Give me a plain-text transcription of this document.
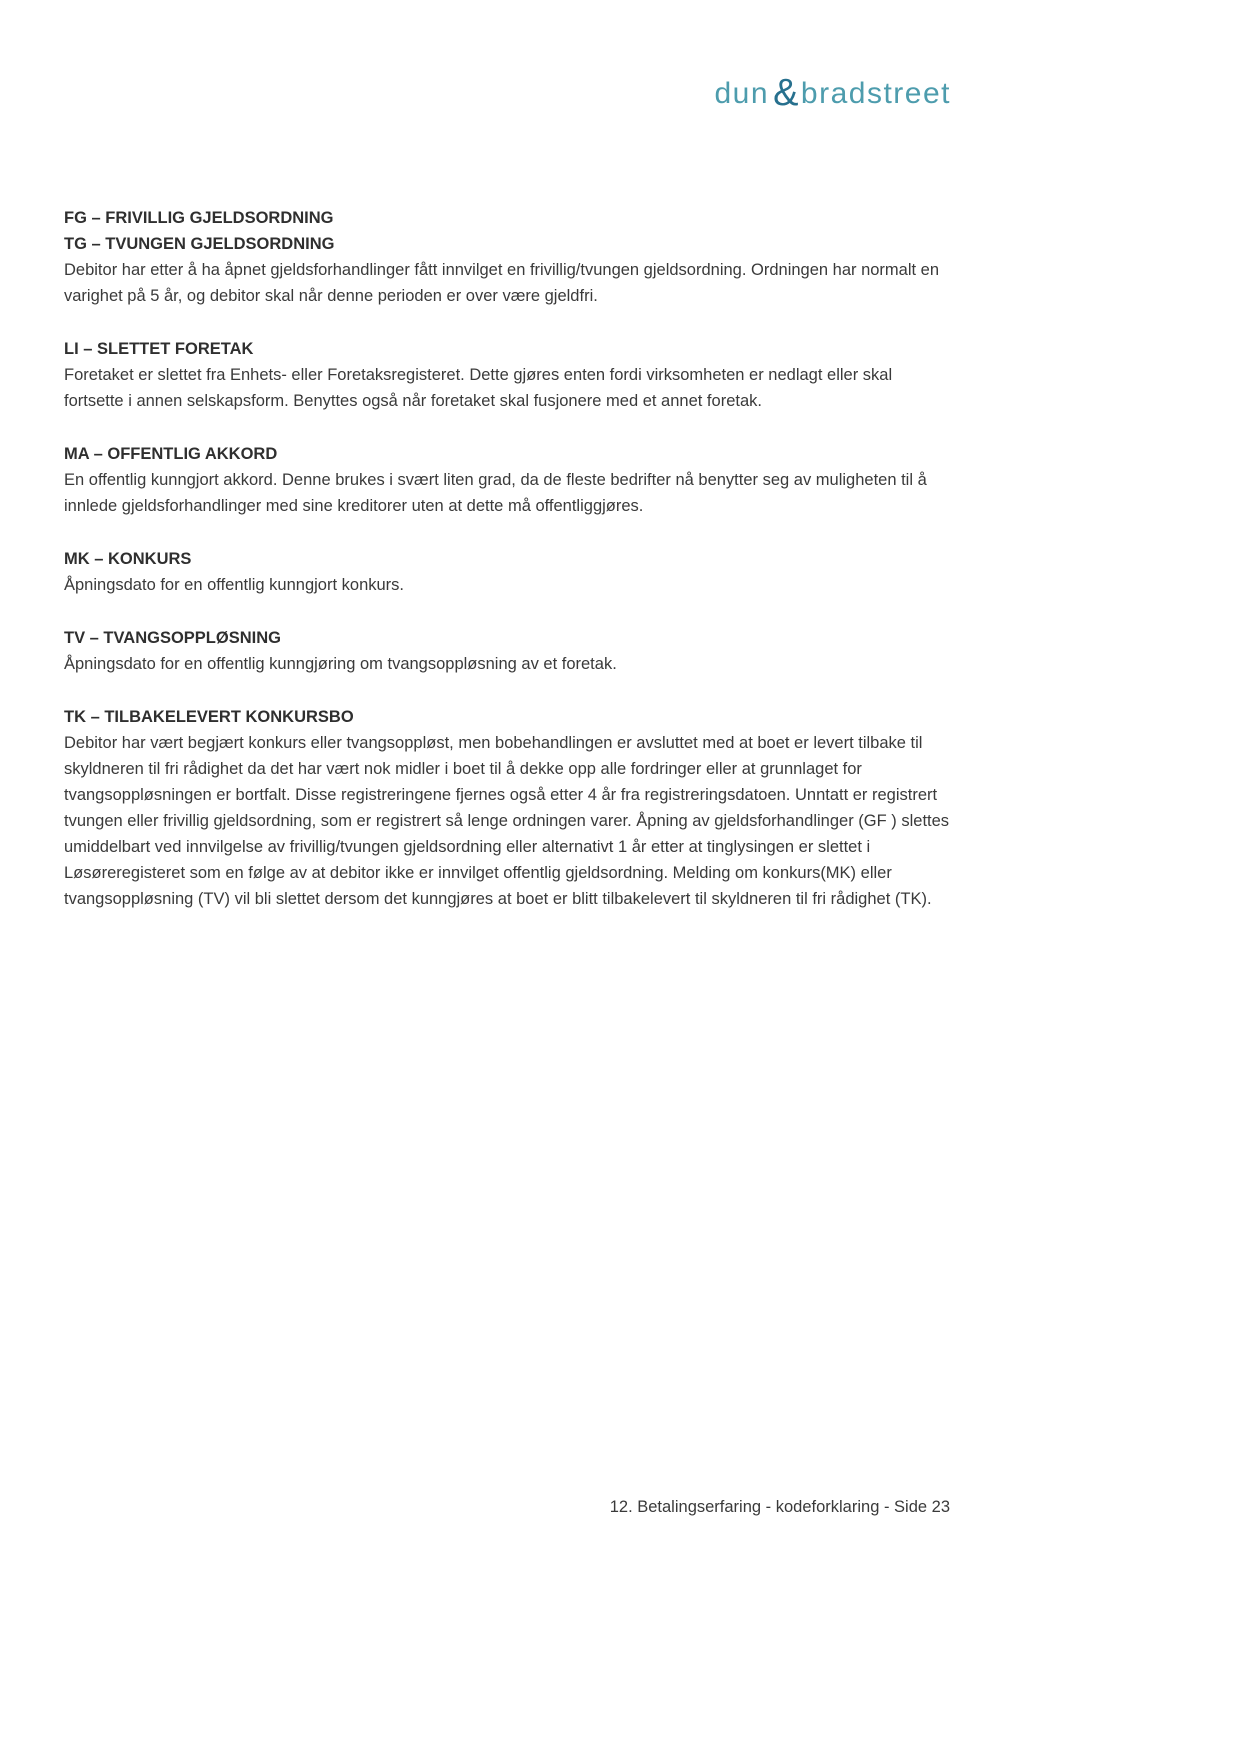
dun &bradstreet
FG – FRIVILLIG GJELDSORDNING
TG – TVUNGEN GJELDSORDNING

Debitor har etter å ha åpnet gjeldsforhandlinger fått innvilget en frivillig/tvungen gjeldsordning. Ordningen har normalt en varighet på 5 år, og debitor skal når denne perioden er over være gjeldfri.

LI – SLETTET FORETAK

Foretaket er slettet fra Enhets- eller Foretaksregisteret. Dette gjøres enten fordi virksomheten er nedlagt eller skal fortsette i annen selskapsform. Benyttes også når foretaket skal fusjonere med et annet foretak.

MA – OFFENTLIG AKKORD

En offentlig kunngjort akkord. Denne brukes i svært liten grad, da de fleste bedrifter nå benytter seg av muligheten til å innlede gjeldsforhandlinger med sine kreditorer uten at dette må offentliggjøres.

MK – KONKURS

Åpningsdato for en offentlig kunngjort konkurs.

TV – TVANGSOPPLØSNING

Åpningsdato for en offentlig kunngjøring om tvangsoppløsning av et foretak.

TK – TILBAKELEVERT KONKURSBO

Debitor har vært begjært konkurs eller tvangsoppløst, men bobehandlingen er avsluttet med at boet er levert tilbake til skyldneren til fri rådighet da det har vært nok midler i boet til å dekke opp alle fordringer eller at grunnlaget for tvangsoppløsningen er bortfalt. Disse registreringene fjernes også etter 4 år fra registreringsdatoen. Unntatt er registrert tvungen eller frivillig gjeldsordning, som er registrert så lenge ordningen varer. Åpning av gjeldsforhandlinger (GF ) slettes umiddelbart ved innvilgelse av frivillig/tvungen gjeldsordning eller alternativt 1 år etter at tinglysingen er slettet i Løsøreregisteret som en følge av at debitor ikke er innvilget offentlig gjeldsordning. Melding om konkurs(MK) eller tvangsoppløsning (TV) vil bli slettet dersom det kunngjøres at boet er blitt tilbakelevert til skyldneren til fri rådighet (TK).

12. Betalingserfaring - kodeforklaring - Side 23
